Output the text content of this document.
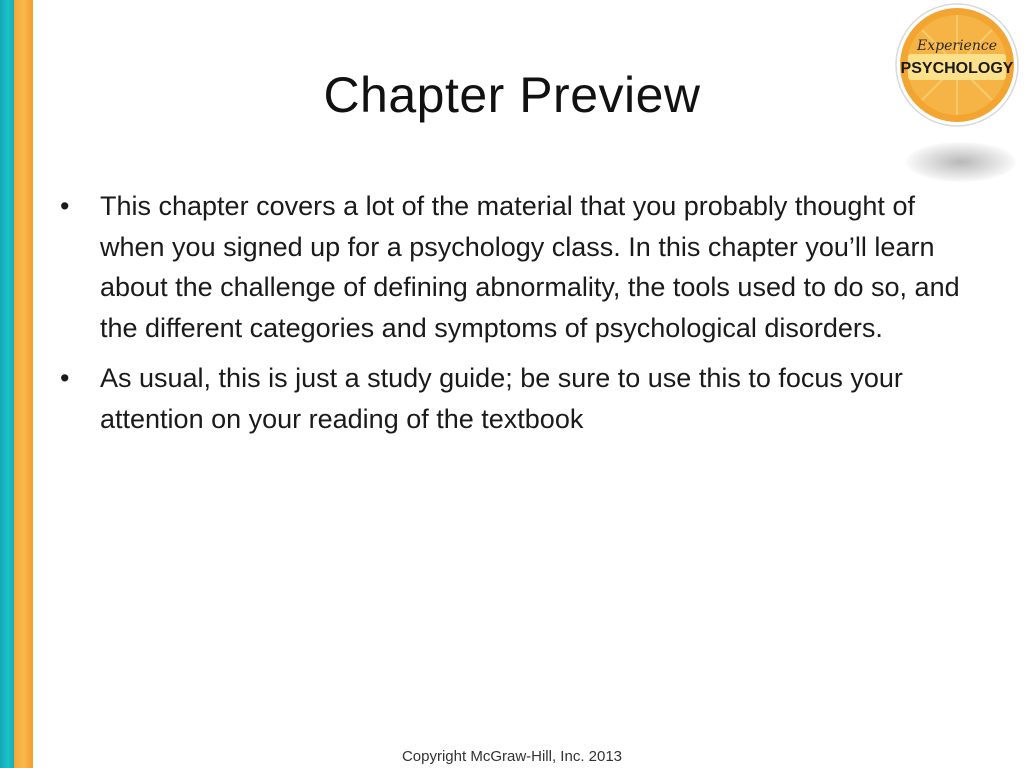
Chapter Preview
• This chapter covers a lot of the material that you probably thought of when you signed up for a psychology class. In this chapter you’ll learn about the challenge of defining abnormality, the tools used to do so, and the different categories and symptoms of psychological disorders.
• As usual, this is just a study guide; be sure to use this to focus your attention on your reading of the textbook
Experience
PSYCHOLOGY
Copyright McGraw-Hill, Inc. 2013
